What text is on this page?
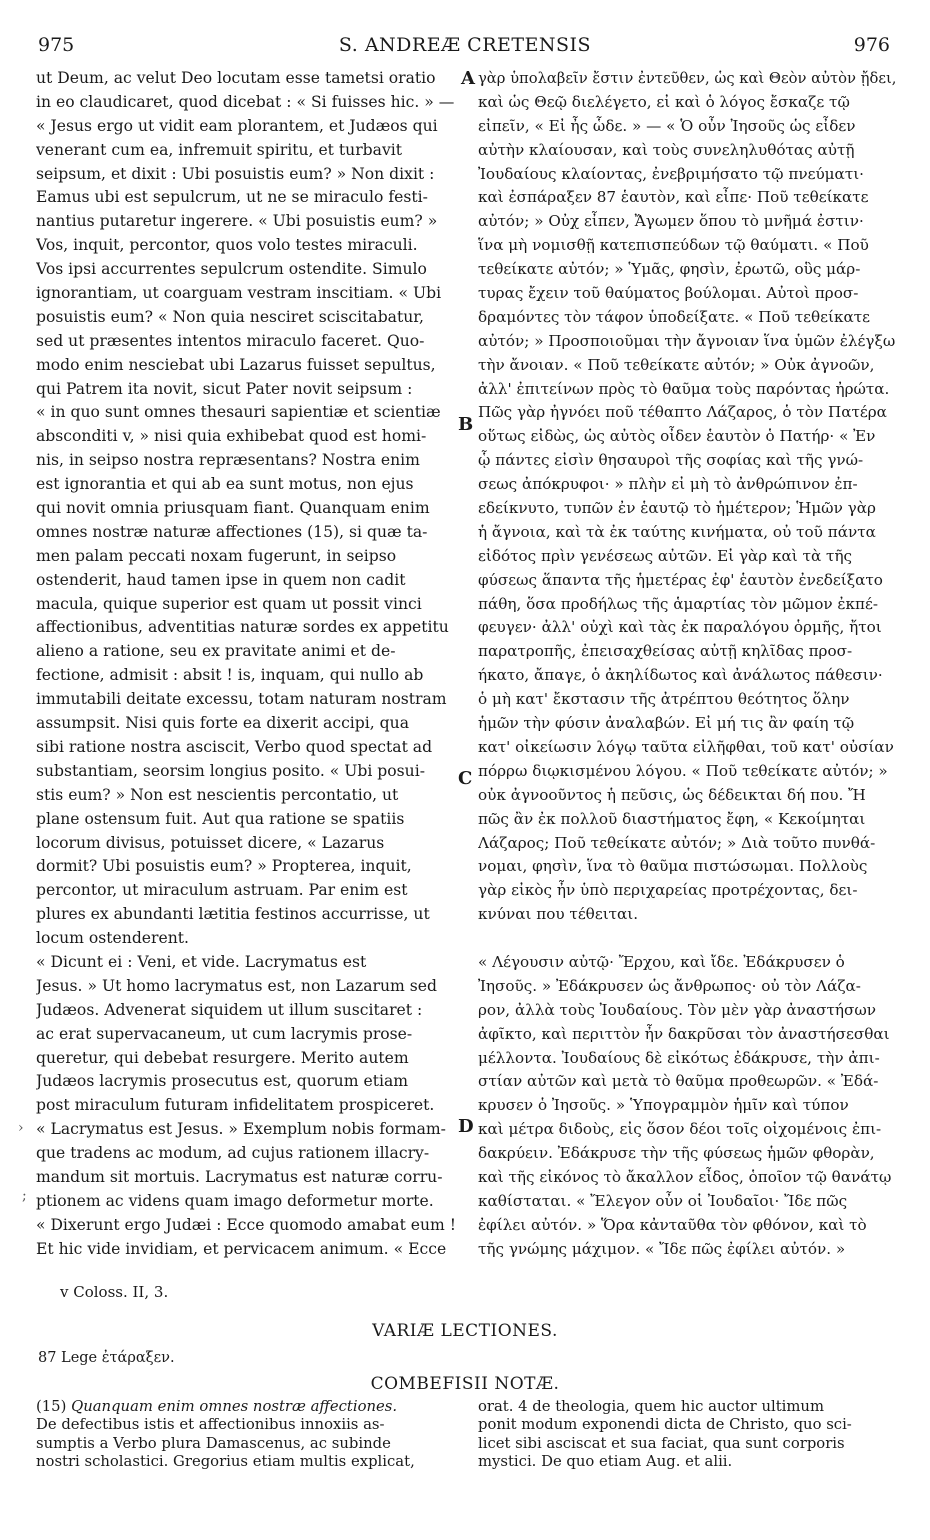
975	S. ANDREÆ CRETENSIS	976
ut Deum, ac velut Deo locutam esse tametsi oratio
in eo claudicaret, quod dicebat : « Si fuisses hic. » —
« Jesus ergo ut vidit eam plorantem, et Judæos qui
venerant cum ea, infremuit spiritu, et turbavit
seipsum, et dixit : Ubi posuistis eum? » Non dixit :
Eamus ubi est sepulcrum, ut ne se miraculo festi-
nantius putaretur ingerere. « Ubi posuistis eum? »
Vos, inquit, percontor, quos volo testes miraculi.
Vos ipsi accurrentes sepulcrum ostendite. Simulo
ignorantiam, ut coarguam vestram inscitiam. « Ubi
posuistis eum? « Non quia nesciret sciscitabatur,
sed ut præsentes intentos miraculo faceret. Quo-
modo enim nesciebat ubi Lazarus fuisset sepultus,
qui Patrem ita novit, sicut Pater novit seipsum :
« in quo sunt omnes thesauri sapientiæ et scientiæ
absconditi v, » nisi quia exhibebat quod est homi-
nis, in seipso nostra repræsentans? Nostra enim
est ignorantia et qui ab ea sunt motus, non ejus
qui novit omnia priusquam fiant. Quanquam enim
omnes nostræ naturæ affectiones (15), si quæ ta-
men palam peccati noxam fugerunt, in seipso
ostenderit, haud tamen ipse in quem non cadit
macula, quique superior est quam ut possit vinci
affectionibus, adventitias naturæ sordes ex appetitu
alieno a ratione, seu ex pravitate animi et de-
fectione, admisit : absit ! is, inquam, qui nullo ab
immutabili deitate excessu, totam naturam nostram
assumpsit. Nisi quis forte ea dixerit accipi, qua
sibi ratione nostra asciscit, Verbo quod spectat ad
substantiam, seorsim longius posito. « Ubi posui-
stis eum? » Non est nescientis percontatio, ut
plane ostensum fuit. Aut qua ratione se spatiis
locorum divisus, potuisset dicere, « Lazarus
dormit? Ubi posuistis eum? » Propterea, inquit,
percontor, ut miraculum astruam. Par enim est
plures ex abundanti lætitia festinos accurrisse, ut
locum ostenderent.
« Dicunt ei : Veni, et vide. Lacrymatus est
Jesus. » Ut homo lacrymatus est, non Lazarum sed
Judæos. Advenerat siquidem ut illum suscitaret :
ac erat supervacaneum, ut cum lacrymis prose-
queretur, qui debebat resurgere. Merito autem
Judæos lacrymis prosecutus est, quorum etiam
post miraculum futuram infidelitatem prospiceret.
« Lacrymatus est Jesus. » Exemplum nobis formam-
que tradens ac modum, ad cujus rationem illacry-
mandum sit mortuis. Lacrymatus est naturæ corru-
ptionem ac videns quam imago deformetur morte.
« Dixerunt ergo Judæi : Ecce quomodo amabat eum !
Et hic vide invidiam, et pervicacem animum. « Ecce
γὰρ ὑπολαβεῖν ἔστιν ἐντεῦθεν, ὡς καὶ Θεὸν αὐτὸν ᾔδει,
καὶ ὡς Θεῷ διελέγετο, εἰ καὶ ὁ λόγος ἔσκαζε τῷ
εἰπεῖν, « Εἰ ἦς ὧδε. » — « Ὁ οὖν Ἰησοῦς ὡς εἶδεν
αὐτὴν κλαίουσαν, καὶ τοὺς συνεληλυθότας αὐτῇ
Ἰουδαίους κλαίοντας, ἐνεβριμήσατο τῷ πνεύματι·
καὶ ἐσπάραξεν 87 ἑαυτὸν, καὶ εἶπε· Ποῦ τεθείκατε
αὐτόν; » Οὐχ εἶπεν, Ἄγωμεν ὅπου τὸ μνῆμά ἐστιν·
ἵνα μὴ νομισθῇ κατεπισπεύδων τῷ θαύματι. « Ποῦ
τεθείκατε αὐτόν; » Ὑμᾶς, φησὶν, ἐρωτῶ, οὓς μάρ-
τυρας ἔχειν τοῦ θαύματος βούλομαι. Αὐτοὶ προσ-
δραμόντες τὸν τάφον ὑποδείξατε. « Ποῦ τεθείκατε
αὐτόν; » Προσποιοῦμαι τὴν ἄγνοιαν ἵνα ὑμῶν ἐλέγξω
τὴν ἄνοιαν. « Ποῦ τεθείκατε αὐτόν; » Οὐκ ἀγνοῶν,
ἀλλ' ἐπιτείνων πρὸς τὸ θαῦμα τοὺς παρόντας ἠρώτα.
Πῶς γὰρ ἠγνόει ποῦ τέθαπτο Λάζαρος, ὁ τὸν Πατέρα
οὕτως εἰδὼς, ὡς αὐτὸς οἶδεν ἑαυτὸν ὁ Πατήρ· « Ἐν
ᾧ πάντες εἰσὶν θησαυροὶ τῆς σοφίας καὶ τῆς γνώ-
σεως ἀπόκρυφοι· » πλὴν εἰ μὴ τὸ ἀνθρώπινον ἐπ-
εδείκνυτο, τυπῶν ἐν ἑαυτῷ τὸ ἡμέτερον; Ἡμῶν γὰρ
ἡ ἄγνοια, καὶ τὰ ἐκ ταύτης κινήματα, οὐ τοῦ πάντα
εἰδότος πρὶν γενέσεως αὐτῶν. Εἰ γὰρ καὶ τὰ τῆς
φύσεως ἅπαντα τῆς ἡμετέρας ἐφ' ἑαυτὸν ἐνεδείξατο
πάθη, ὅσα προδήλως τῆς ἁμαρτίας τὸν μῶμον ἐκπέ-
φευγεν· ἀλλ' οὐχὶ καὶ τὰς ἐκ παραλόγου ὁρμῆς, ἤτοι
παρατροπῆς, ἐπεισαχθείσας αὐτῇ κηλῖδας προσ-
ήκατο, ἄπαγε, ὁ ἀκηλίδωτος καὶ ἀνάλωτος πάθεσιν·
ὁ μὴ κατ' ἔκστασιν τῆς ἀτρέπτου θεότητος ὅλην
ἡμῶν τὴν φύσιν ἀναλαβών. Εἰ μή τις ἂν φαίη τῷ
κατ' οἰκείωσιν λόγῳ ταῦτα εἰλῆφθαι, τοῦ κατ' οὐσίαν
πόρρω διῳκισμένου λόγου. « Ποῦ τεθείκατε αὐτόν; »
οὐκ ἀγνοοῦντος ἡ πεῦσις, ὡς δέδεικται δή που. Ἤ
πῶς ἂν ἐκ πολλοῦ διαστήματος ἔφη, « Κεκοίμηται
Λάζαρος; Ποῦ τεθείκατε αὐτόν; » Διὰ τοῦτο πυνθά-
νομαι, φησὶν, ἵνα τὸ θαῦμα πιστώσωμαι. Πολλοὺς
γὰρ εἰκὸς ἦν ὑπὸ περιχαρείας προτρέχοντας, δει-
κνύναι που τέθειται.
« Λέγουσιν αὐτῷ· Ἔρχου, καὶ ἴδε. Ἐδάκρυσεν ὁ
Ἰησοῦς. » Ἐδάκρυσεν ὡς ἄνθρωπος· οὐ τὸν Λάζα-
ρον, ἀλλὰ τοὺς Ἰουδαίους. Τὸν μὲν γὰρ ἀναστήσων
ἀφῖκτο, καὶ περιττὸν ἦν δακρῦσαι τὸν ἀναστήσεσθαι
μέλλοντα. Ἰουδαίους δὲ εἰκότως ἐδάκρυσε, τὴν ἀπι-
στίαν αὐτῶν καὶ μετὰ τὸ θαῦμα προθεωρῶν. « Ἐδά-
κρυσεν ὁ Ἰησοῦς. » Ὑπογραμμὸν ἡμῖν καὶ τύπον
καὶ μέτρα διδοὺς, εἰς ὅσον δέοι τοῖς οἰχομένοις ἐπι-
δακρύειν. Ἐδάκρυσε τὴν τῆς φύσεως ἡμῶν φθορὰν,
καὶ τῆς εἰκόνος τὸ ἄκαλλον εἶδος, ὁποῖον τῷ θανάτῳ
καθίσταται. « Ἔλεγον οὖν οἱ Ἰουδαῖοι· Ἴδε πῶς
ἐφίλει αὐτόν. » Ὅρα κἀνταῦθα τὸν φθόνον, καὶ τὸ
τῆς γνώμης μάχιμον. « Ἴδε πῶς ἐφίλει αὐτόν. »
A
B
C
D
v Coloss. II, 3.
VARIÆ LECTIONES.
87 Lege ἐτάραξεν.
COMBEFISII NOTÆ.
(15) Quanquam enim omnes nostræ affectiones.
De defectibus istis et affectionibus innoxiis as-
sumptis a Verbo plura Damascenus, ac subinde
nostri scholastici. Gregorius etiam multis explicat,
orat. 4 de theologia, quem hic auctor ultimum
ponit modum exponendi dicta de Christo, quo sci-
licet sibi asciscat et sua faciat, qua sunt corporis
mystici. De quo etiam Aug. et alii.
›
;
